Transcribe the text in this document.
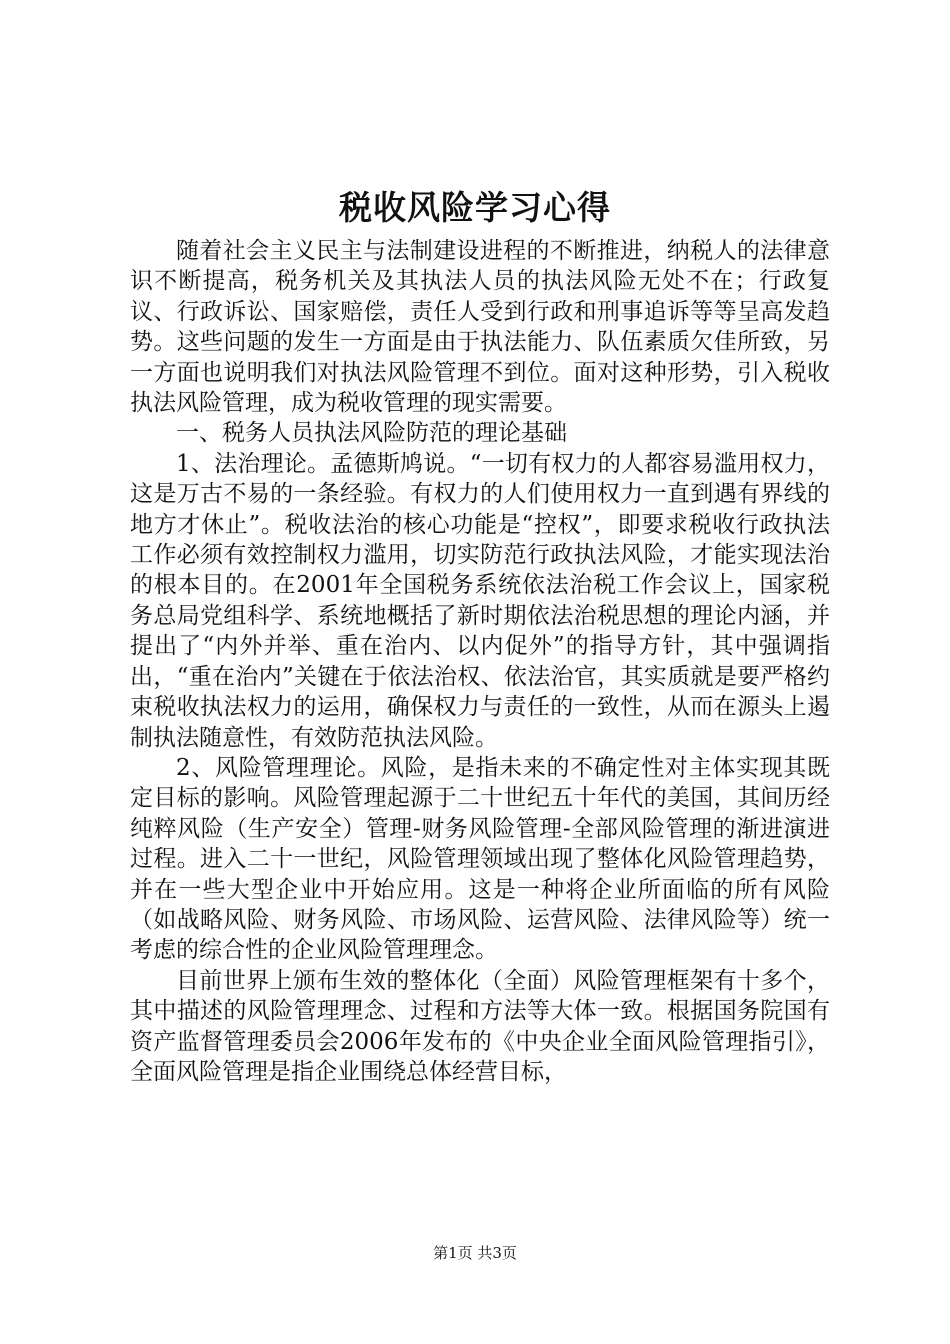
税收风险学习心得

随着社会主义民主与法制建设进程的不断推进，纳税人的法律意识不断提高，税务机关及其执法人员的执法风险无处不在；行政复议、行政诉讼、国家赔偿，责任人受到行政和刑事追诉等等呈高发趋势。这些问题的发生一方面是由于执法能力、队伍素质欠佳所致，另一方面也说明我们对执法风险管理不到位。面对这种形势，引入税收执法风险管理，成为税收管理的现实需要。

一、税务人员执法风险防范的理论基础

1、法治理论。孟德斯鸠说。“一切有权力的人都容易滥用权力，这是万古不易的一条经验。有权力的人们使用权力一直到遇有界线的地方才休止”。税收法治的核心功能是“控权”，即要求税收行政执法工作必须有效控制权力滥用，切实防范行政执法风险，才能实现法治的根本目的。在2001年全国税务系统依法治税工作会议上，国家税务总局党组科学、系统地概括了新时期依法治税思想的理论内涵，并提出了“内外并举、重在治内、以内促外”的指导方针，其中强调指出，“重在治内”关键在于依法治权、依法治官，其实质就是要严格约束税收执法权力的运用，确保权力与责任的一致性，从而在源头上遏制执法随意性，有效防范执法风险。

2、风险管理理论。风险，是指未来的不确定性对主体实现其既定目标的影响。风险管理起源于二十世纪五十年代的美国，其间历经纯粹风险（生产安全）管理-财务风险管理-全部风险管理的渐进演进过程。进入二十一世纪，风险管理领域出现了整体化风险管理趋势，并在一些大型企业中开始应用。这是一种将企业所面临的所有风险（如战略风险、财务风险、市场风险、运营风险、法律风险等）统一考虑的综合性的企业风险管理理念。

目前世界上颁布生效的整体化（全面）风险管理框架有十多个，其中描述的风险管理理念、过程和方法等大体一致。根据国务院国有资产监督管理委员会2006年发布的《中央企业全面风险管理指引》，全面风险管理是指企业围绕总体经营目标，

第1页 共3页
